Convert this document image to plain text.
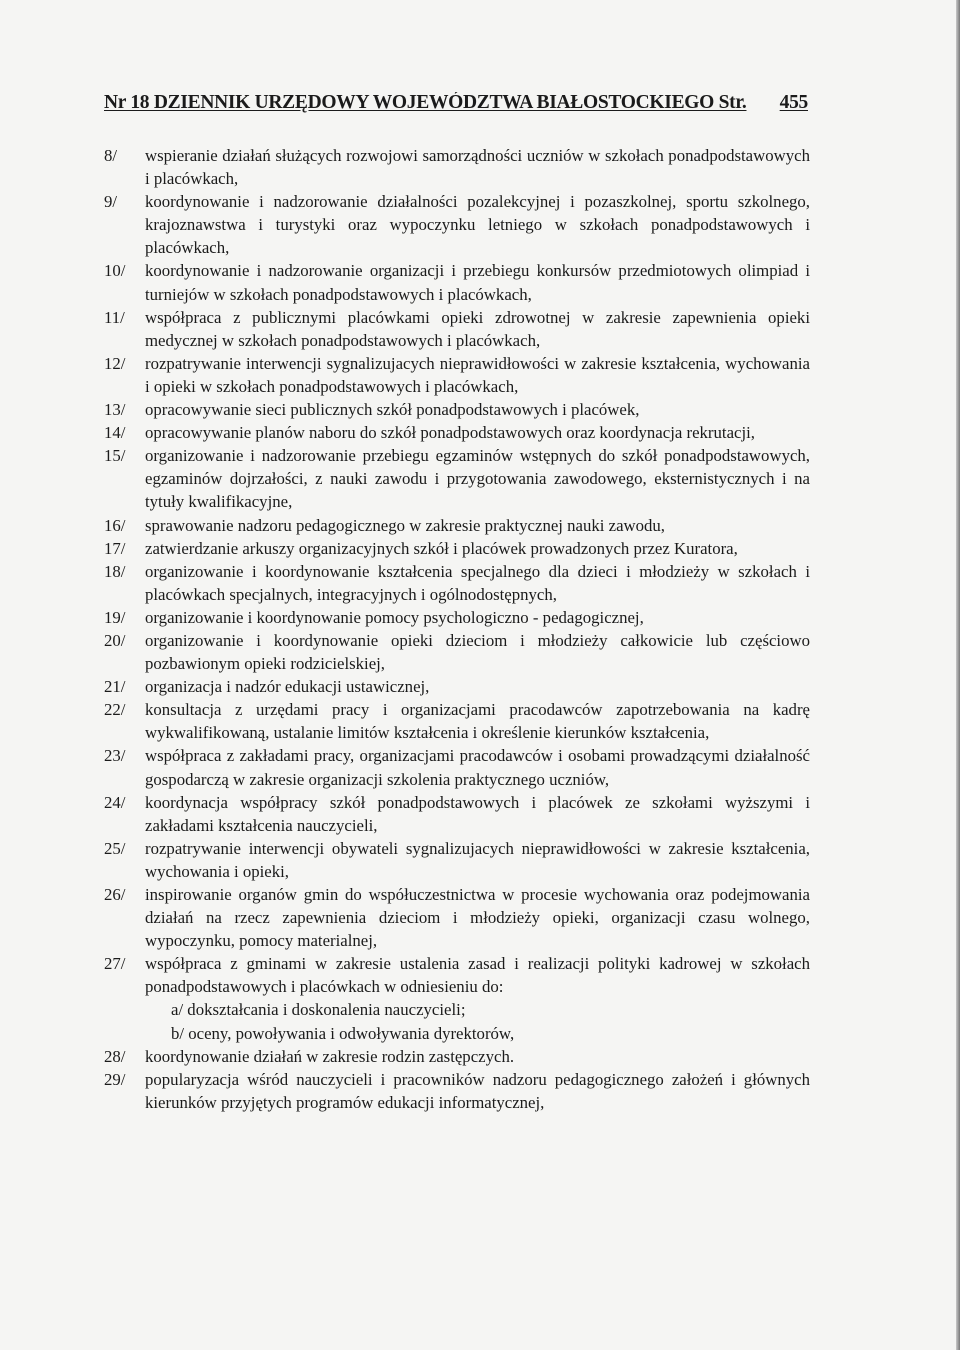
Nr 18 DZIENNIK URZĘDOWY WOJEWÓDZTWA BIAŁOSTOCKIEGO Str. 455
8/	wspieranie działań służących rozwojowi samorządności uczniów w szkołach ponadpodstawowych i placówkach,
9/	koordynowanie i nadzorowanie działalności pozalekcyjnej i pozaszkolnej, sportu szkolnego, krajoznawstwa i turystyki oraz wypoczynku letniego w szkołach ponadpodstawowych i placówkach,
10/	koordynowanie i nadzorowanie organizacji i przebiegu konkursów przedmiotowych olimpiad i turniejów w szkołach ponadpodstawowych i placówkach,
11/	współpraca z publicznymi placówkami opieki zdrowotnej w zakresie zapewnienia opieki medycznej w szkołach ponadpodstawowych i placówkach,
12/	rozpatrywanie interwencji sygnalizujacych nieprawidłowości w zakresie kształcenia, wychowania i opieki w szkołach ponadpodstawowych i placówkach,
13/	opracowywanie sieci publicznych szkół ponadpodstawowych i placówek,
14/	opracowywanie planów naboru do szkół ponadpodstawowych oraz koordynacja rekrutacji,
15/	organizowanie i nadzorowanie przebiegu egzaminów wstępnych do szkół ponadpodstawowych, egzaminów dojrzałości, z nauki zawodu i przygotowania zawodowego, eksternistycznych i na tytuły kwalifikacyjne,
16/	sprawowanie nadzoru pedagogicznego w zakresie praktycznej nauki zawodu,
17/	zatwierdzanie arkuszy organizacyjnych szkół i placówek prowadzonych przez Kuratora,
18/	organizowanie i koordynowanie kształcenia specjalnego dla dzieci i młodzieży w szkołach i placówkach specjalnych, integracyjnych i ogólnodostępnych,
19/	organizowanie i koordynowanie pomocy psychologiczno - pedagogicznej,
20/	organizowanie i koordynowanie opieki dzieciom i młodzieży całkowicie lub częściowo pozbawionym opieki rodzicielskiej,
21/	organizacja i nadzór edukacji ustawicznej,
22/	konsultacja z urzędami pracy i organizacjami pracodawców zapotrzebowania na kadrę wykwalifikowaną, ustalanie limitów kształcenia i określenie kierunków kształcenia,
23/	współpraca z zakładami pracy, organizacjami pracodawców i osobami prowadzącymi działalność gospodarczą w zakresie organizacji szkolenia praktycznego uczniów,
24/	koordynacja współpracy szkół ponadpodstawowych i placówek ze szkołami wyższymi i zakładami kształcenia nauczycieli,
25/	rozpatrywanie interwencji obywateli sygnalizujacych nieprawidłowości w zakresie kształcenia, wychowania i opieki,
26/	inspirowanie organów gmin do współuczestnictwa w procesie wychowania oraz podejmowania działań na rzecz zapewnienia dzieciom i młodzieży opieki, organizacji czasu wolnego, wypoczynku, pomocy materialnej,
27/	współpraca z gminami w zakresie ustalenia zasad i realizacji polityki kadrowej w szkołach ponadpodstawowych i placówkach w odniesieniu do:
a/ dokształcania i doskonalenia nauczycieli;
b/ oceny, powoływania i odwoływania dyrektorów,
28/	koordynowanie działań w zakresie rodzin zastępczych.
29/	popularyzacja wśród nauczycieli i pracowników nadzoru pedagogicznego założeń i głównych kierunków przyjętych programów edukacji informatycznej,
